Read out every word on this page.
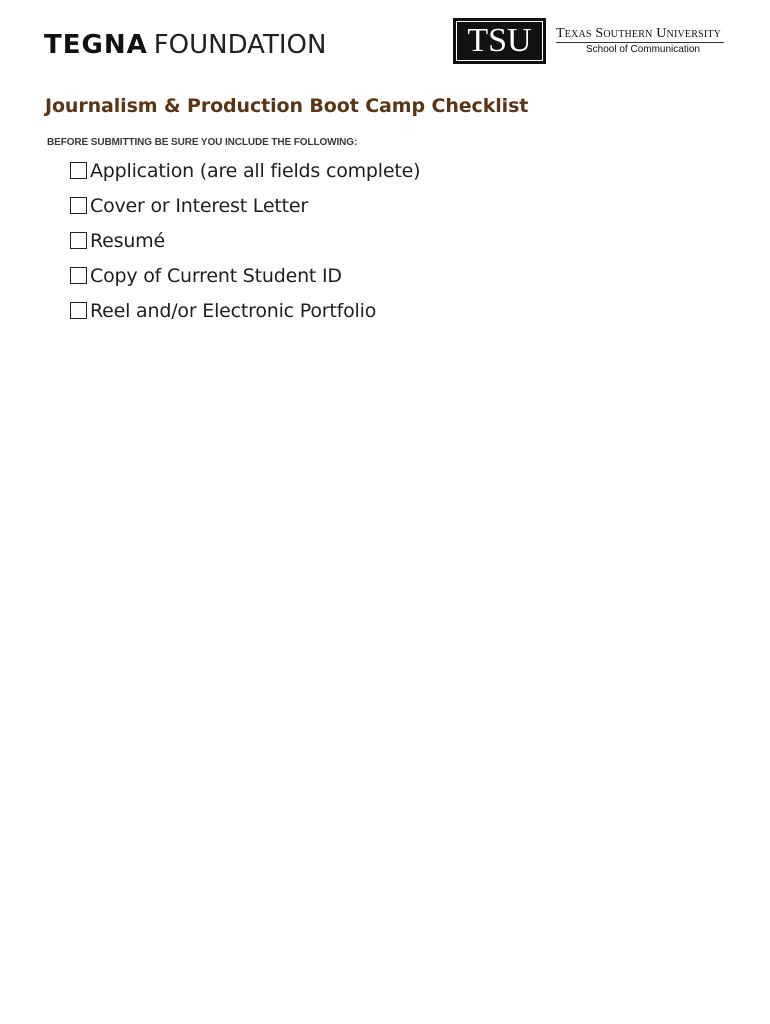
TEGNA FOUNDATION	TSU Texas Southern University
School of Communication
Journalism & Production Boot Camp Checklist
BEFORE SUBMITTING BE SURE YOU INCLUDE THE FOLLOWING:
Application (are all fields complete)
Cover or Interest Letter
Resumé
Copy of Current Student ID
Reel and/or Electronic Portfolio
